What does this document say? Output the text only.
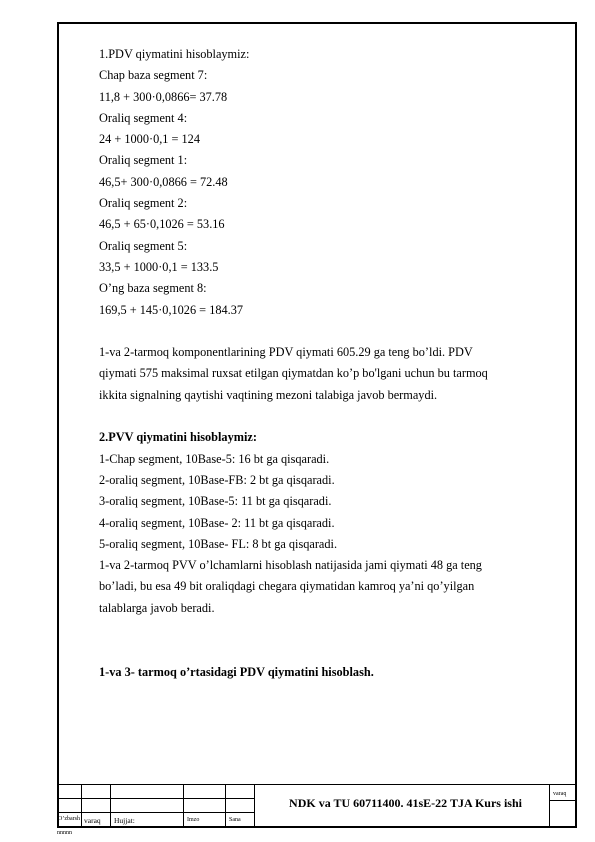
1.PDV qiymatini hisoblaymiz:
Chap baza segment 7:
11,8 + 300·0,0866= 37.78
Oraliq segment 4:
24 + 1000·0,1 = 124
Oraliq segment 1:
46,5+ 300·0,0866 = 72.48
Oraliq segment 2:
46,5 + 65·0,1026 = 53.16
Oraliq segment 5:
33,5 + 1000·0,1 = 133.5
O’ng baza segment 8:
169,5 + 145·0,1026 = 184.37
1-va 2-tarmoq komponentlarining PDV qiymati 605.29 ga teng bo’ldi. PDV
qiymati 575 maksimal ruxsat etilgan qiymatdan ko’p bo'lgani uchun bu tarmoq
ikkita signalning qaytishi vaqtining mezoni talabiga javob bermaydi.
2.PVV qiymatini hisoblaymiz:
1-Chap segment, 10Base-5: 16 bt ga qisqaradi.
2-oraliq segment, 10Base-FB: 2 bt ga qisqaradi.
3-oraliq segment, 10Base-5: 11 bt ga qisqaradi.
4-oraliq segment, 10Base- 2: 11 bt ga qisqaradi.
5-oraliq segment, 10Base- FL: 8 bt ga qisqaradi.
1-va 2-tarmoq PVV o’lchamlarni hisoblash natijasida jami qiymati 48 ga teng
bo’ladi, bu esa 49 bit oraliqdagi chegara qiymatidan kamroq ya’ni qo’yilgan
talablarga javob beradi.
1-va 3- tarmoq o’rtasidagi PDV qiymatini hisoblash.
NDK va TU 60711400. 41sE-22 TJA Kurs ishi
varaq
O’zbarsh varaq Hujjat:	Imzo	Sana
nnnnn
